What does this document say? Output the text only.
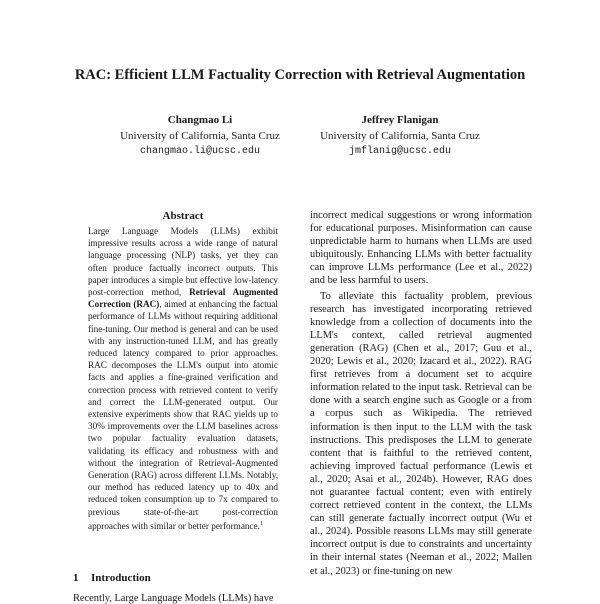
RAC: Efficient LLM Factuality Correction with Retrieval Augmentation
Changmao Li
University of California, Santa Cruz
changmao.li@ucsc.edu
Jeffrey Flanigan
University of California, Santa Cruz
jmflanig@ucsc.edu
Abstract
Large Language Models (LLMs) exhibit impressive results across a wide range of natural language processing (NLP) tasks, yet they can often produce factually incorrect outputs. This paper introduces a simple but effective low-latency post-correction method, Retrieval Augmented Correction (RAC), aimed at enhancing the factual performance of LLMs without requiring additional fine-tuning. Our method is general and can be used with any instruction-tuned LLM, and has greatly reduced latency compared to prior approaches. RAC decomposes the LLM's output into atomic facts and applies a fine-grained verification and correction process with retrieved content to verify and correct the LLM-generated output. Our extensive experiments show that RAC yields up to 30% improvements over the LLM baselines across two popular factuality evaluation datasets, validating its efficacy and robustness with and without the integration of Retrieval-Augmented Generation (RAG) across different LLMs. Notably, our method has reduced latency up to 40x and reduced token consumption up to 7x compared to previous state-of-the-art post-correction approaches with similar or better performance.$^1$
1 Introduction
Recently, Large Language Models (LLMs) have

incorrect medical suggestions or wrong information for educational purposes. Misinformation can cause unpredictable harm to humans when LLMs are used ubiquitously. Enhancing LLMs with better factuality can improve LLMs performance (Lee et al., 2022) and be less harmful to users.

To alleviate this factuality problem, previous research has investigated incorporating retrieved knowledge from a collection of documents into the LLM's context, called retrieval augmented generation (RAG) (Chen et al., 2017; Guu et al., 2020; Lewis et al., 2020; Izacard et al., 2022). RAG first retrieves from a document set to acquire information related to the input task. Retrieval can be done with a search engine such as Google or a from a corpus such as Wikipedia. The retrieved information is then input to the LLM with the task instructions. This predisposes the LLM to generate content that is faithful to the retrieved content, achieving improved factual performance (Lewis et al., 2020; Asai et al., 2024b). However, RAG does not guarantee factual content; even with entirely correct retrieved content in the context, the LLMs can still generate factually incorrect output (Wu et al., 2024). Possible reasons LLMs may still generate incorrect output is due to constraints and uncertainty in their internal states (Neeman et al., 2022; Mallen et al., 2023) or fine-tuning on new
